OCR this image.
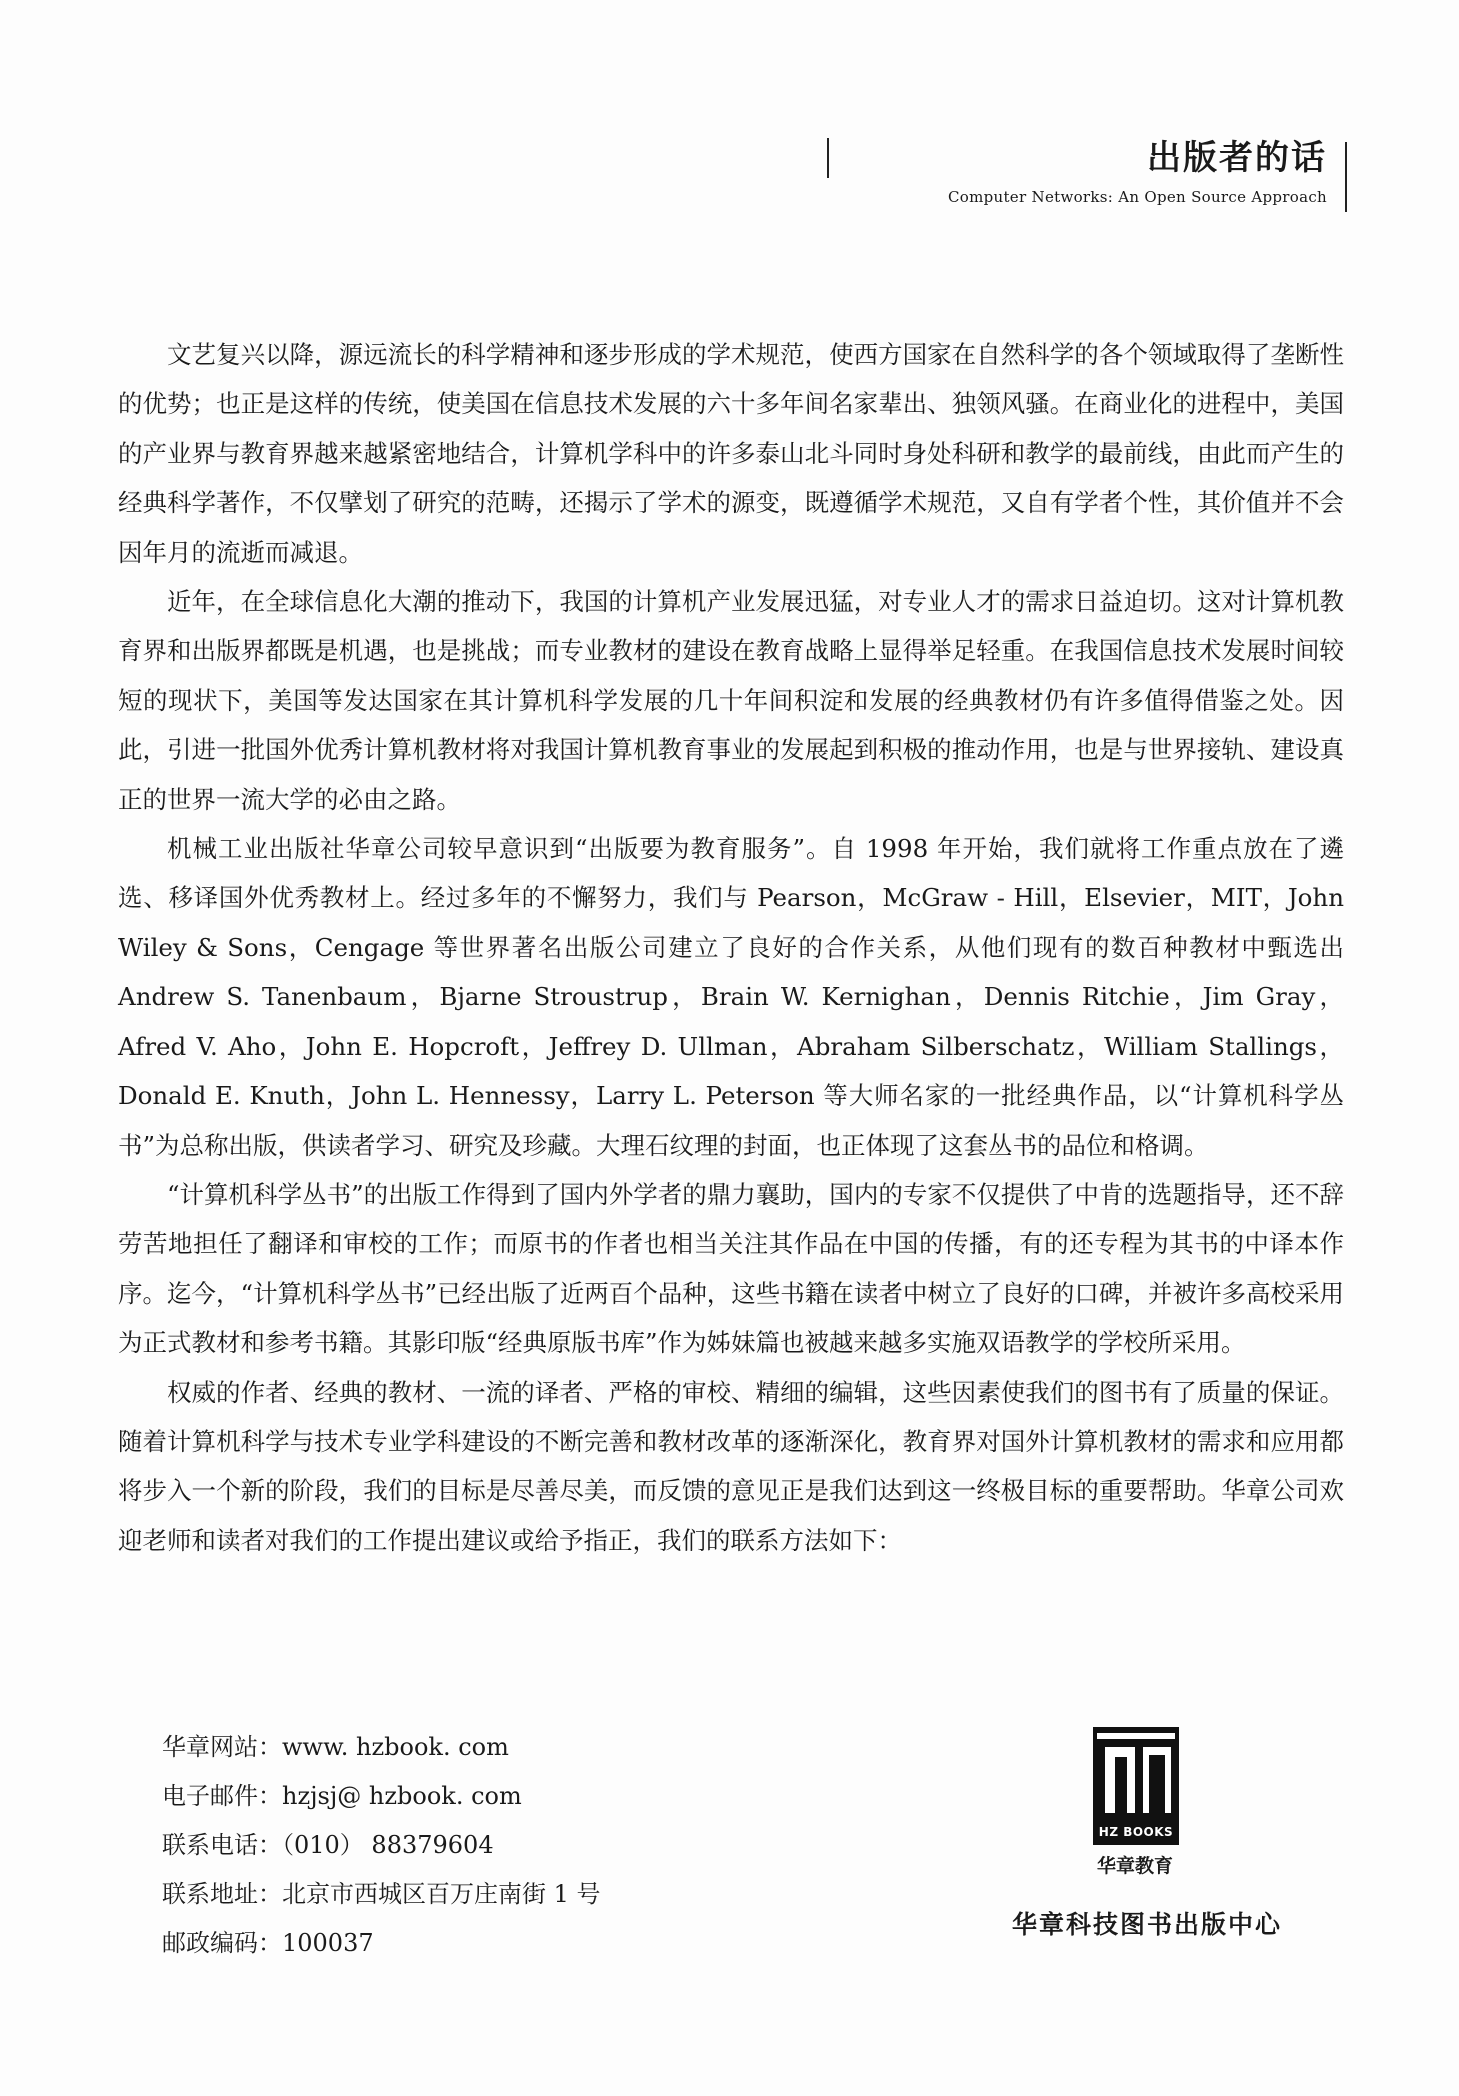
出版者的话
Computer Networks: An Open Source Approach

文艺复兴以降，源远流长的科学精神和逐步形成的学术规范，使西方国家在自然科学的各个领域取得了垄断性的优势；也正是这样的传统，使美国在信息技术发展的六十多年间名家辈出、独领风骚。在商业化的进程中，美国的产业界与教育界越来越紧密地结合，计算机学科中的许多泰山北斗同时身处科研和教学的最前线，由此而产生的经典科学著作，不仅擘划了研究的范畴，还揭示了学术的源变，既遵循学术规范，又自有学者个性，其价值并不会因年月的流逝而减退。

近年，在全球信息化大潮的推动下，我国的计算机产业发展迅猛，对专业人才的需求日益迫切。这对计算机教育界和出版界都既是机遇，也是挑战；而专业教材的建设在教育战略上显得举足轻重。在我国信息技术发展时间较短的现状下，美国等发达国家在其计算机科学发展的几十年间积淀和发展的经典教材仍有许多值得借鉴之处。因此，引进一批国外优秀计算机教材将对我国计算机教育事业的发展起到积极的推动作用，也是与世界接轨、建设真正的世界一流大学的必由之路。

机械工业出版社华章公司较早意识到“出版要为教育服务”。自 1998 年开始，我们就将工作重点放在了遴选、移译国外优秀教材上。经过多年的不懈努力，我们与 Pearson，McGraw - Hill，Elsevier，MIT，John Wiley & Sons，Cengage 等世界著名出版公司建立了良好的合作关系，从他们现有的数百种教材中甄选出 Andrew S. Tanenbaum，Bjarne Stroustrup，Brain W. Kernighan，Dennis Ritchie，Jim Gray，Afred V. Aho，John E. Hopcroft，Jeffrey D. Ullman，Abraham Silberschatz，William Stallings，Donald E. Knuth，John L. Hennessy，Larry L. Peterson 等大师名家的一批经典作品，以“计算机科学丛书”为总称出版，供读者学习、研究及珍藏。大理石纹理的封面，也正体现了这套丛书的品位和格调。

“计算机科学丛书”的出版工作得到了国内外学者的鼎力襄助，国内的专家不仅提供了中肯的选题指导，还不辞劳苦地担任了翻译和审校的工作；而原书的作者也相当关注其作品在中国的传播，有的还专程为其书的中译本作序。迄今，“计算机科学丛书”已经出版了近两百个品种，这些书籍在读者中树立了良好的口碑，并被许多高校采用为正式教材和参考书籍。其影印版“经典原版书库”作为姊妹篇也被越来越多实施双语教学的学校所采用。

权威的作者、经典的教材、一流的译者、严格的审校、精细的编辑，这些因素使我们的图书有了质量的保证。随着计算机科学与技术专业学科建设的不断完善和教材改革的逐渐深化，教育界对国外计算机教材的需求和应用都将步入一个新的阶段，我们的目标是尽善尽美，而反馈的意见正是我们达到这一终极目标的重要帮助。华章公司欢迎老师和读者对我们的工作提出建议或给予指正，我们的联系方法如下：

华章网站：www. hzbook. com
电子邮件：hzjsj@ hzbook. com
联系电话：（010） 88379604
联系地址：北京市西城区百万庄南街 1 号
邮政编码：100037
HZ BOOKS
华章教育
华章科技图书出版中心
